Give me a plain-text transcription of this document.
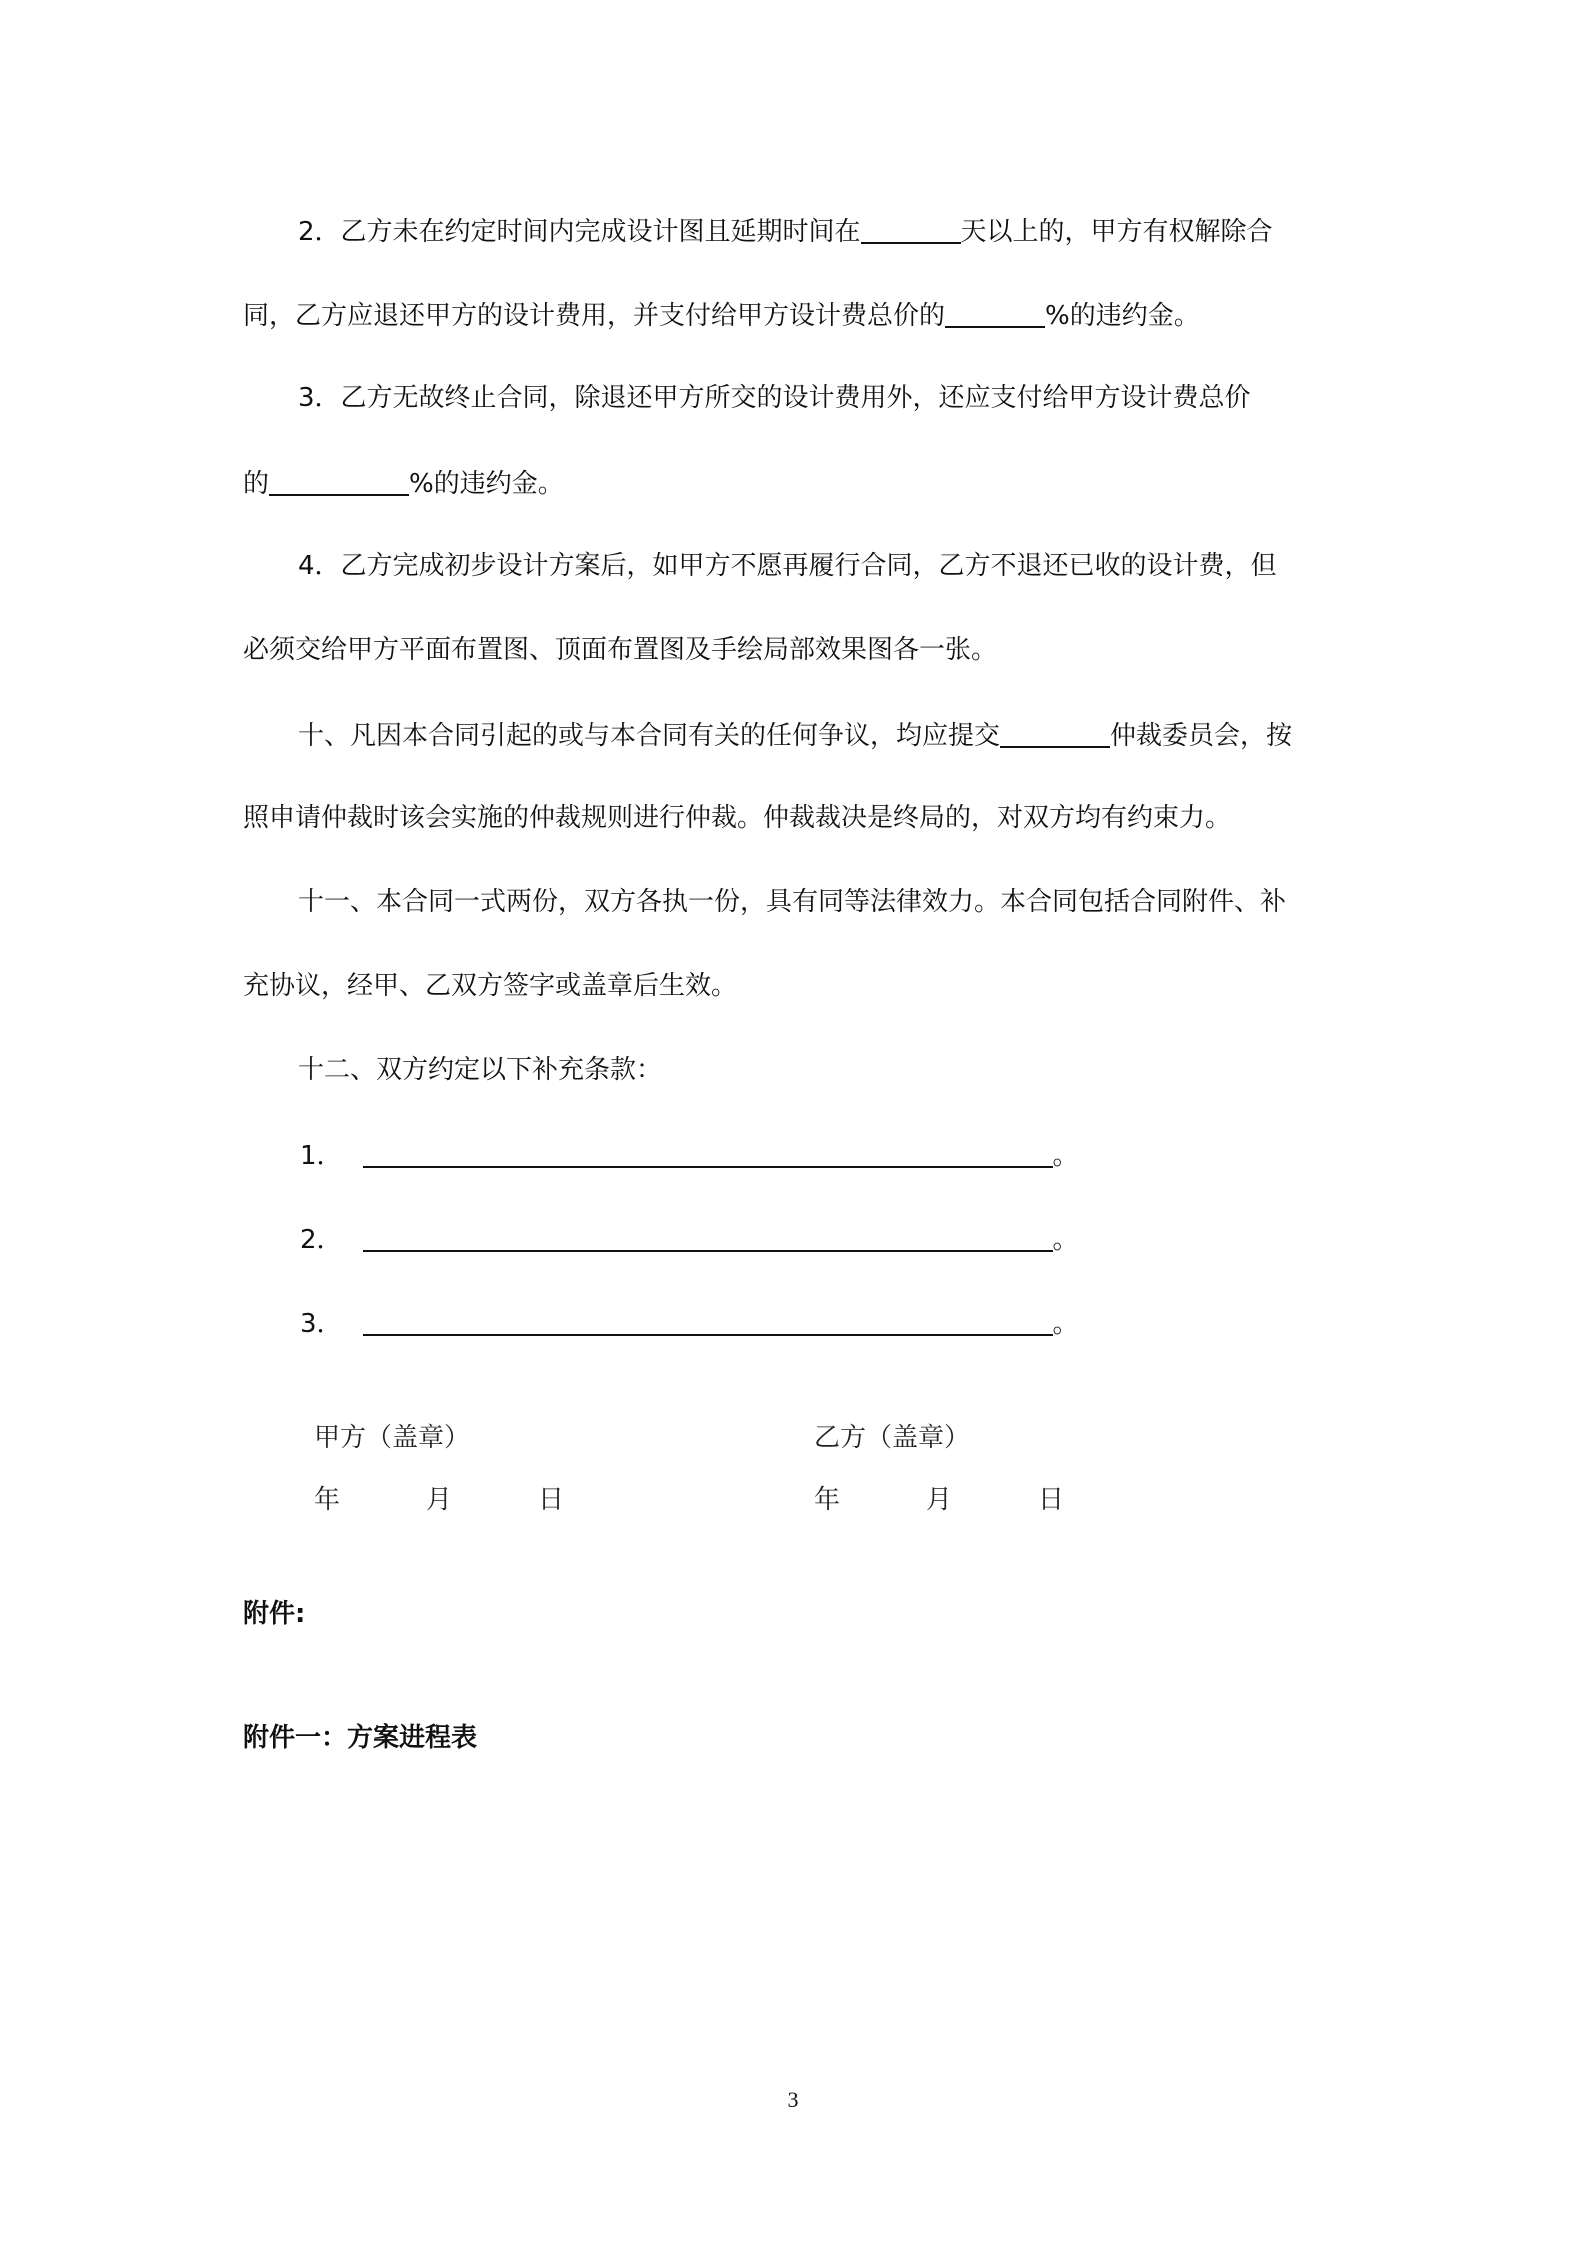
2．乙方未在约定时间内完成设计图且延期时间在	天以上的，甲方有权解除合
同，乙方应退还甲方的设计费用，并支付给甲方设计费总价的	%的违约金。
3．乙方无故终止合同，除退还甲方所交的设计费用外，还应支付给甲方设计费总价
的	%的违约金。
4．乙方完成初步设计方案后，如甲方不愿再履行合同，乙方不退还已收的设计费，但
必须交给甲方平面布置图、顶面布置图及手绘局部效果图各一张。
十、凡因本合同引起的或与本合同有关的任何争议，均应提交	仲裁委员会，按
照申请仲裁时该会实施的仲裁规则进行仲裁。仲裁裁决是终局的，对双方均有约束力。
十一、本合同一式两份，双方各执一份，具有同等法律效力。本合同包括合同附件、补
充协议，经甲、乙双方签字或盖章后生效。
十二、双方约定以下补充条款：
1．	。
2．	。
3．	。
甲方（盖章）
年	月	日
乙方（盖章）
年	月	日
附件:
附件一：方案进程表
3
